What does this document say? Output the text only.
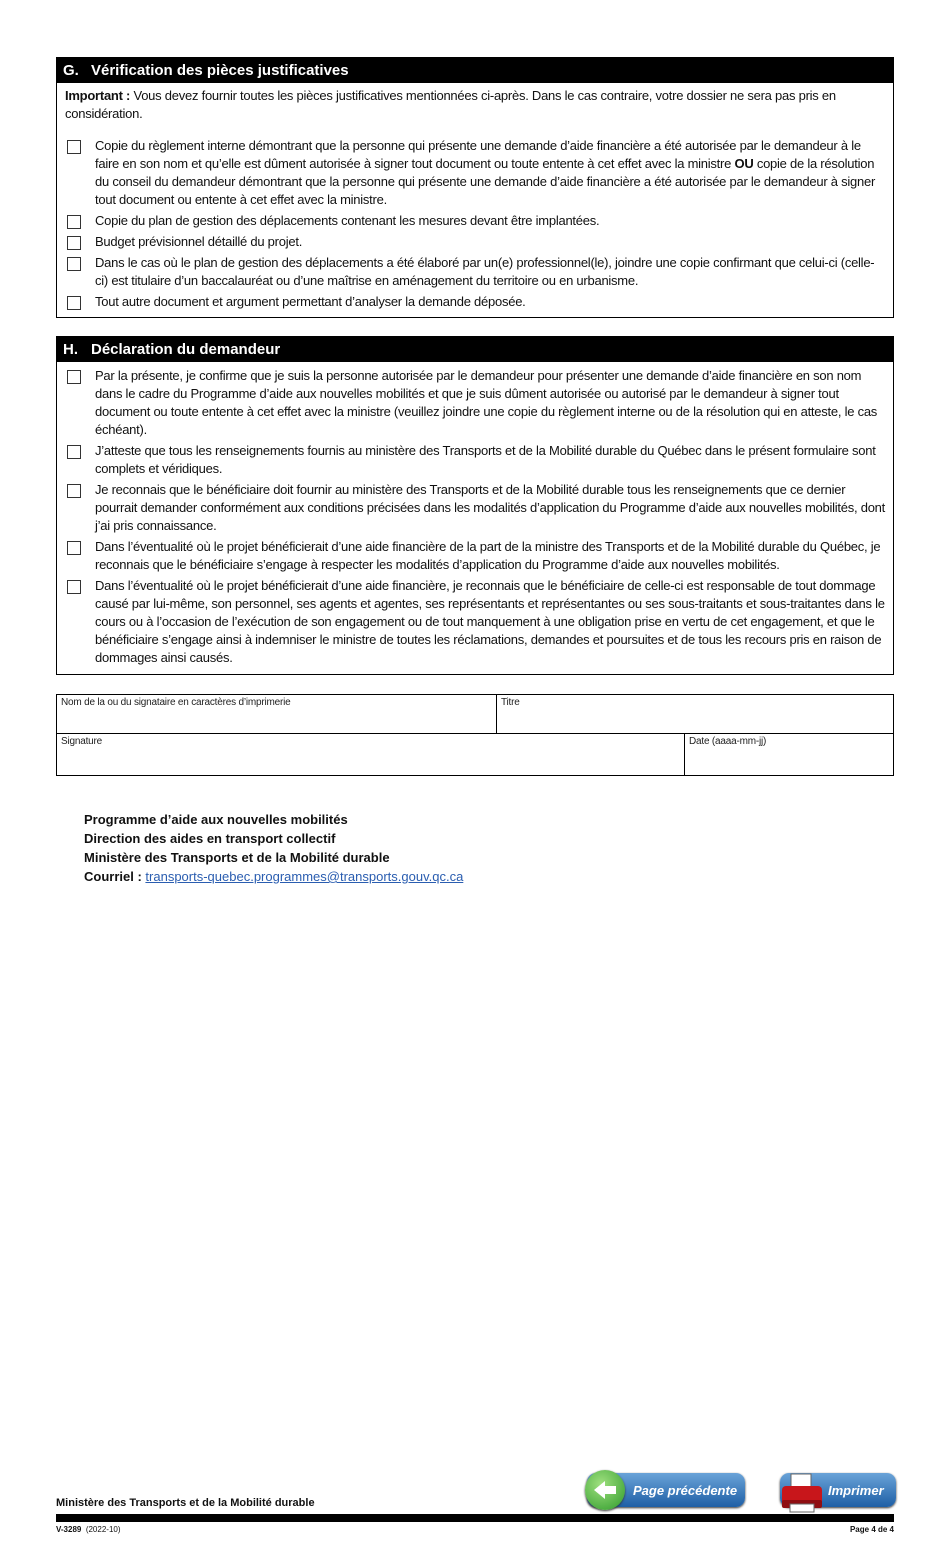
G. Vérification des pièces justificatives
Important : Vous devez fournir toutes les pièces justificatives mentionnées ci-après. Dans le cas contraire, votre dossier ne sera pas pris en considération.
Copie du règlement interne démontrant que la personne qui présente une demande d’aide financière a été autorisée par le demandeur à le faire en son nom et qu’elle est dûment autorisée à signer tout document ou toute entente à cet effet avec la ministre OU copie de la résolution du conseil du demandeur démontrant que la personne qui présente une demande d’aide financière a été autorisée par le demandeur à signer tout document ou entente à cet effet avec la ministre.
Copie du plan de gestion des déplacements contenant les mesures devant être implantées.
Budget prévisionnel détaillé du projet.
Dans le cas où le plan de gestion des déplacements a été élaboré par un(e) professionnel(le), joindre une copie confirmant que celui-ci (celle-ci) est titulaire d’un baccalauréat ou d’une maîtrise en aménagement du territoire ou en urbanisme.
Tout autre document et argument permettant d’analyser la demande déposée.
H. Déclaration du demandeur
Par la présente, je confirme que je suis la personne autorisée par le demandeur pour présenter une demande d’aide financière en son nom dans le cadre du Programme d’aide aux nouvelles mobilités et que je suis dûment autorisée ou autorisé par le demandeur à signer tout document ou toute entente à cet effet avec la ministre (veuillez joindre une copie du règlement interne ou de la résolution qui en atteste, le cas échéant).
J’atteste que tous les renseignements fournis au ministère des Transports et de la Mobilité durable du Québec dans le présent formulaire sont complets et véridiques.
Je reconnais que le bénéficiaire doit fournir au ministère des Transports et de la Mobilité durable tous les renseignements que ce dernier pourrait demander conformément aux conditions précisées dans les modalités d’application du Programme d’aide aux nouvelles mobilités, dont j’ai pris connaissance.
Dans l’éventualité où le projet bénéficierait d’une aide financière de la part de la ministre des Transports et de la Mobilité durable du Québec, je reconnais que le bénéficiaire s’engage à respecter les modalités d’application du Programme d’aide aux nouvelles mobilités.
Dans l’éventualité où le projet bénéficierait d’une aide financière, je reconnais que le bénéficiaire de celle-ci est responsable de tout dommage causé par lui-même, son personnel, ses agents et agentes, ses représentants et représentantes ou ses sous-traitants et sous-traitantes dans le cours ou à l’occasion de l’exécution de son engagement ou de tout manquement à une obligation prise en vertu de cet engagement, et que le bénéficiaire s’engage ainsi à indemniser le ministre de toutes les réclamations, demandes et poursuites et de tous les recours pris en raison de dommages ainsi causés.
Nom de la ou du signataire en caractères d’imprimerie	Titre
Signature	Date (aaaa-mm-jj)
Programme d’aide aux nouvelles mobilités
Direction des aides en transport collectif
Ministère des Transports et de la Mobilité durable
Courriel : transports-quebec.programmes@transports.gouv.qc.ca
Page précédente	Imprimer
Ministère des Transports et de la Mobilité durable
V-3289 (2022-10)	Page 4 de 4
